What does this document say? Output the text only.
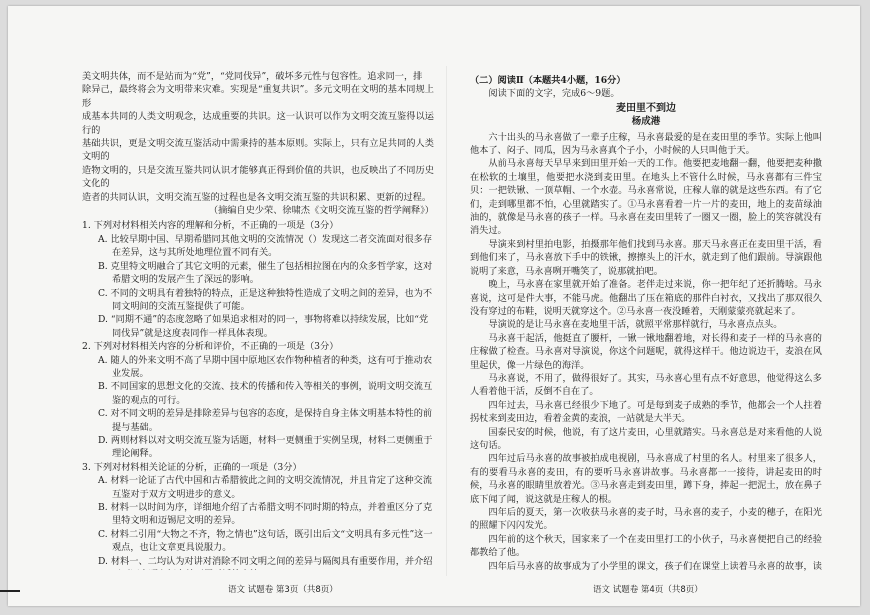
美文明共体，而不是站而为“党”，“党同伐异”，破坏多元性与包容性。追求同一，排

除异己，最终将会为文明带来灾难。实现是“重复共识”。多元文明在文明的基本同规上形

成基本共同的人类文明观念，达成重要的共识。这一认识可以作为文明交流互鉴得以运行的

基础共识，更是文明交流互鉴活动中需秉持的基本原则。实际上，只有立足共同的人类文明的

造物文明的，只是交流互鉴共同认识才能够真正得到价值的共识，也反映出了不同历史文化的

造者的共同认识，文明交流互鉴的过程也是各文明交流互鉴的共识积累、更新的过程。

（摘编自史少荣、徐啸杰《文明交流互鉴的哲学阐释》）

1. 下列对材料相关内容的理解和分析，不正确的一项是（3分）

A. 比较早期中国、早期希腊同其他文明的交流情况（）发现这二者交流面对很多存在差异，这与其所处地理位置不同有关。

B. 克里特文明融合了其它文明的元素，催生了包括相拉图在内的众多哲学家，这对希腊文明的发展产生了深远的影响。

C. 不同的文明具有着独特的特点，正是这种独特性造成了文明之间的差异，也为不同文明间的交流互鉴提供了可能。

D. “同期不通”的态度忽略了如果追求相对的同一，事物将难以持续发展，比如“党同伐异”就是这度表同作一样具体表现。

2. 下列对材料相关内容的分析和评价，不正确的一项是（3分）

A. 随人的外来文明不高了早期中国中原地区农作物种植者的种类，这有可于推动农业发展。

B. 不同国家的思想文化的交流、技术的传播和传入等相关的事例，说明文明交流互鉴的观点的可行。

C. 对不同文明的差异是排除差异与包容的态度，是保持自身主体文明基本特性的前提与基础。

D. 两则材料以对文明交流互鉴为话题，材料一更侧重于实例呈现，材料二更侧重于理论阐释。

3. 下列对材料相关论证的分析，正确的一项是（3分）

A. 材料一论证了古代中国和古希腊彼此之间的文明交流情况，并且肯定了这种交流互鉴对于双方文明进步的意义。

B. 材料一以时间为序，详细地介绍了古希腊文明不同时期的特点，并着重区分了克里特文明和迈锡尼文明的差异。

C. 材料二引用“大物之不齐，物之情也”这句话，既引出后文“文明具有多元性”这一观点，也让文章更具说服力。

D. 材料一、二均认为对讲对消除不同文明之间的差异与隔阂具有重要作用，并介绍

（二）阅读Ⅱ（本题共4小题，16分）

阅读下面的文字，完成6～9题。

麦田里不到边

杨成港

六十出头的马永喜做了一辈子庄稼，马永喜最爱的是在麦田里的季节。实际上他叫他本了、闷子、同瓜，因为马永喜真个子小，小时候的人只叫他于天。

从前马永喜每天早早来到田里开始一天的工作。他要把麦地翻一翻，他要把麦种撒在松软的土壤里，他要把水浇到麦田里。在地头上不管什么时候，马永喜都有三件宝贝：一把铁锹、一顶草帽、一个水壶。马永喜常说，庄稼人靠的就是这些东西。有了它们，走到哪里都不怕，心里就踏实了。①马永喜看着一片一片的麦田，地上的麦苗绿油油的，就像是马永喜的孩子一样。马永喜在麦田里转了一圈又一圈，脸上的笑容就没有消失过。

导演来到村里拍电影，拍摄那年他们找到马永喜。那天马永喜正在麦田里干活，看到他们来了，马永喜放下手中的铁锹，擦擦头上的汗水，就走到了他们跟前。导演跟他说明了来意，马永喜咧开嘴笑了，说那就拍吧。

晚上，马永喜在家里就开始了准备。老伴走过来说，你一把年纪了还折腾啥。马永喜说，这可是件大事，不能马虎。他翻出了压在箱底的那件白衬衣，又找出了那双很久没有穿过的布鞋，说明天就穿这个。②马永喜一夜没睡着，天刚蒙蒙亮就起来了。

导演说的是让马永喜在麦地里干活，就照平常那样就行，马永喜点点头。

马永喜干起活，他挺直了腰杆，一锹一锹地翻着地，对长得和麦子一样的马永喜的庄稼做了检查。马永喜对导演说，你这个问题呢，就得这样干。他边说边干，麦浪在风里起伏，像一片绿色的海洋。

马永喜说，不用了，做得很好了。其实，马永喜心里有点不好意思，他觉得这么多人看着他干活，反倒不自在了。

四年过去，马永喜已经很少下地了。可是每到麦子成熟的季节，他都会一个人拄着拐杖来到麦田边，看着金黄的麦浪，一站就是大半天。

国泰民安的时候，他说，有了这片麦田，心里就踏实。马永喜总是对来看他的人说这句话。

四年过后马永喜的故事被拍成电视剧，马永喜成了村里的名人。村里来了很多人，有的要看马永喜的麦田，有的要听马永喜讲故事。马永喜都一一接待，讲起麦田的时候，马永喜的眼睛里放着光。③马永喜走到麦田里，蹲下身，捧起一把泥土，放在鼻子底下闻了闻，说这就是庄稼人的根。

四年后的夏天，第一次收获马永喜的麦子时，马永喜的麦子，小麦的穗子，在阳光的照耀下闪闪发光。

四年前的这个秋天，国家来了一个在麦田里打工的小伙子，马永喜便把自己的经验都教给了他。

四年后马永喜的故事成为了小学里的课文，孩子们在课堂上读着马永喜的故事，读

语文 试题卷 第3页（共8页）	语文 试题卷 第4页（共8页）
